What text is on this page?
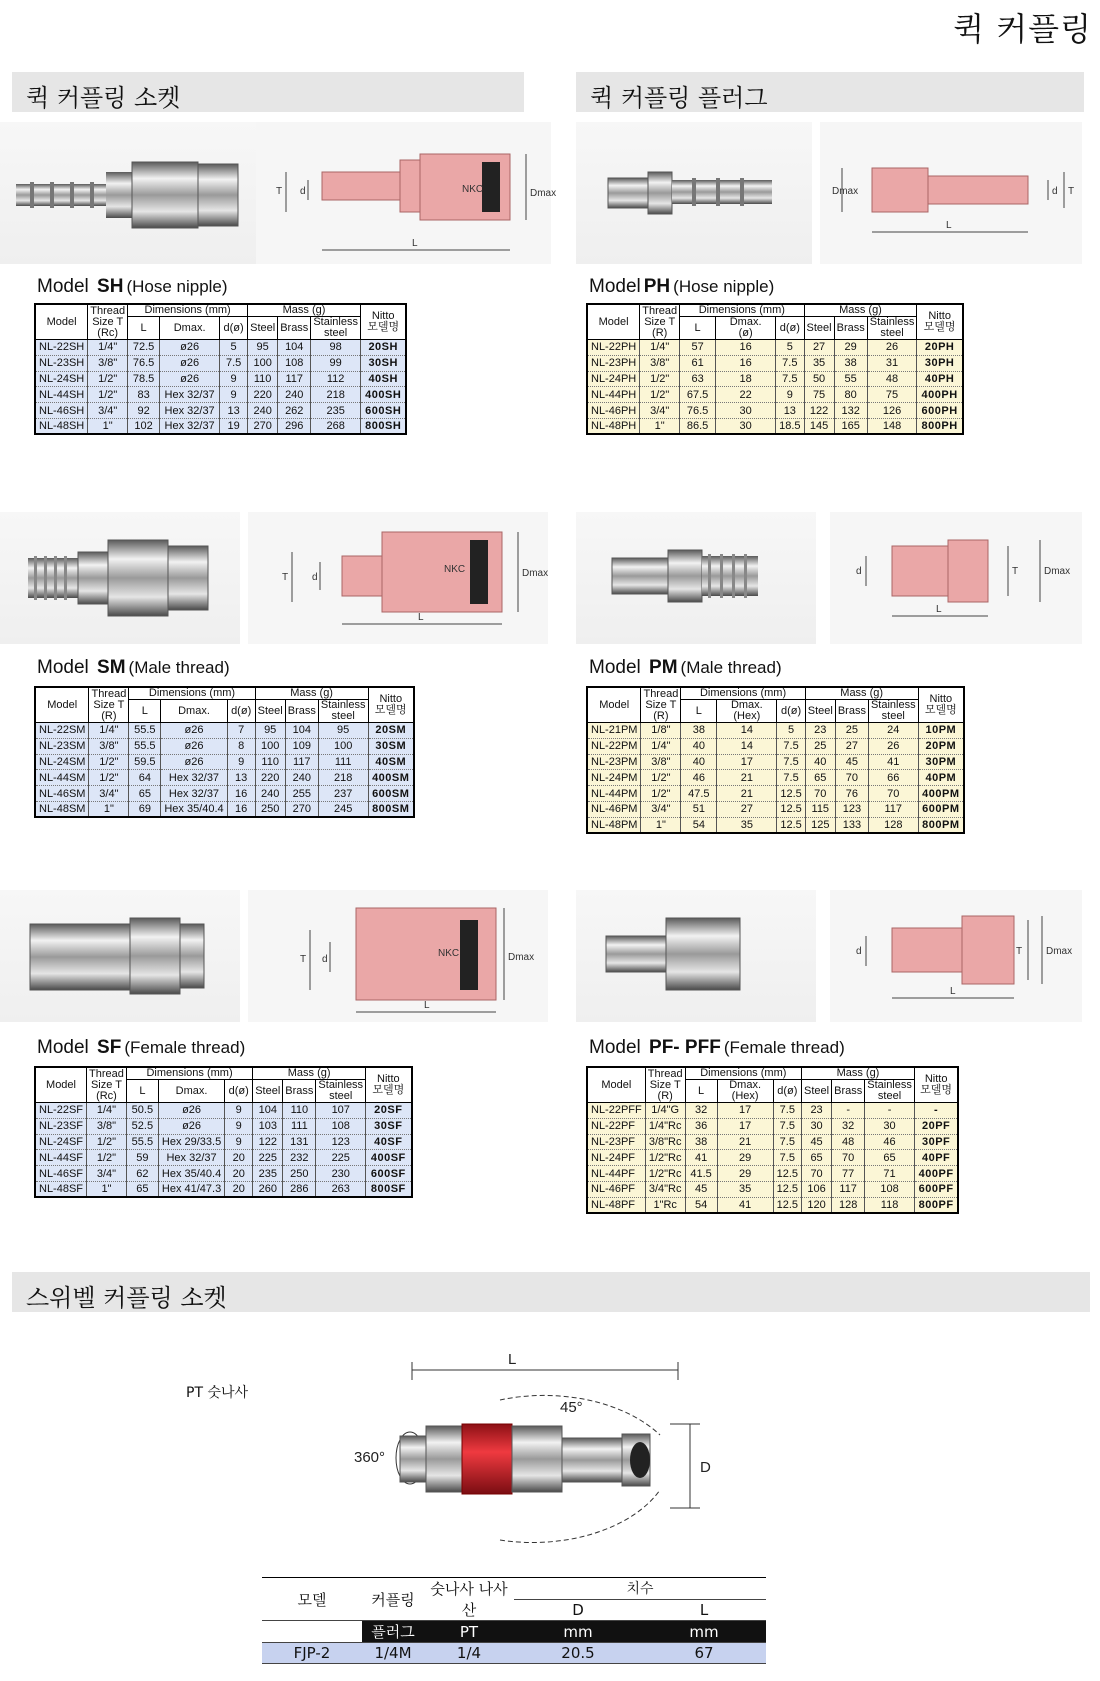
퀵 커플링
퀵 커플링 소켓	퀵 커플링 플러그
스위벨 커플링 소켓
L
T d	Dmax
NKC
Model SH (Hose nipple)
Model	Thread
Size T
(Rc)	Dimensions (mm)			Mass (g)			Nitto
모델명
		L	Dmax.	d(ø)	Steel	Brass	Stainless
steel	
NL-22SH	1/4"	72.5	ø26	5	95	104	98	20SH
NL-23SH	3/8"	76.5	ø26	7.5	100	108	99	30SH
NL-24SH	1/2"	78.5	ø26	9	110	117	112	40SH
NL-44SH	1/2"	83	Hex 32/37	9	220	240	218	400SH
NL-46SH	3/4"	92	Hex 32/37	13	240	262	235	600SH
NL-48SH	1"	102	Hex 32/37	19	270	296	268	800SH
L
Dmax	d T
Model PH (Hose nipple)
Model	Thread
Size T
(R)	Dimensions (mm)			Mass (g)			Nitto
모델명
		L	Dmax.
(ø)	d(ø)	Steel	Brass	Stainless
steel	
NL-22PH	1/4"	57	16	5	27	29	26	20PH
NL-23PH	3/8"	61	16	7.5	35	38	31	30PH
NL-24PH	1/2"	63	18	7.5	50	55	48	40PH
NL-44PH	1/2"	67.5	22	9	75	80	75	400PH
NL-46PH	3/4"	76.5	30	13	122	132	126	600PH
NL-48PH	1"	86.5	30	18.5	145	165	148	800PH
L
T d	Dmax
NKC
Model SM (Male thread)
Model	Thread
Size T
(R)	Dimensions (mm)			Mass (g)			Nitto
모델명
		L	Dmax.	d(ø)	Steel	Brass	Stainless
steel	
NL-22SM	1/4"	55.5	ø26	7	95	104	95	20SM
NL-23SM	3/8"	55.5	ø26	8	100	109	100	30SM
NL-24SM	1/2"	59.5	ø26	9	110	117	111	40SM
NL-44SM	1/2"	64	Hex 32/37	13	220	240	218	400SM
NL-46SM	3/4"	65	Hex 32/37	16	240	255	237	600SM
NL-48SM	1"	69	Hex 35/40.4	16	250	270	245	800SM
L
d	T	Dmax
Model PM (Male thread)
Model	Thread
Size T
(R)	Dimensions (mm)			Mass (g)			Nitto
모델명
		L	Dmax.
(Hex)	d(ø)	Steel	Brass	Stainless
steel	
NL-21PM	1/8"	38	14	5	23	25	24	10PM
NL-22PM	1/4"	40	14	7.5	25	27	26	20PM
NL-23PM	3/8"	40	17	7.5	40	45	41	30PM
NL-24PM	1/2"	46	21	7.5	65	70	66	40PM
NL-44PM	1/2"	47.5	21	12.5	70	76	70	400PM
NL-46PM	3/4"	51	27	12.5	115	123	117	600PM
NL-48PM	1"	54	35	12.5	125	133	128	800PM
L
T d	Dmax
NKC
Model SF (Female thread)
Model	Thread
Size T
(Rc)	Dimensions (mm)			Mass (g)			Nitto
모델명
		L	Dmax.	d(ø)	Steel	Brass	Stainless
steel	
NL-22SF	1/4"	50.5	ø26	9	104	110	107	20SF
NL-23SF	3/8"	52.5	ø26	9	103	111	108	30SF
NL-24SF	1/2"	55.5	Hex 29/33.5	9	122	131	123	40SF
NL-44SF	1/2"	59	Hex 32/37	20	225	232	225	400SF
NL-46SF	3/4"	62	Hex 35/40.4	20	235	250	230	600SF
NL-48SF	1"	65	Hex 41/47.3	20	260	286	263	800SF
L
d	T Dmax
Model PF- PFF (Female thread)
Model	Thread
Size T
(R)	Dimensions (mm)			Mass (g)			Nitto
모델명
		L	Dmax.
(Hex)	d(ø)	Steel	Brass	Stainless
steel	
NL-22PFF	1/4"G	32	17	7.5	23	-	-	-
NL-22PF	1/4"Rc	36	17	7.5	30	32	30	20PF
NL-23PF	3/8"Rc	38	21	7.5	45	48	46	30PF
NL-24PF	1/2"Rc	41	29	7.5	65	70	65	40PF
NL-44PF	1/2"Rc	41.5	29	12.5	70	77	71	400PF
NL-46PF	3/4"Rc	45	35	12.5	106	117	108	600PF
NL-48PF	1"Rc	54	41	12.5	120	128	118	800PF
PT 숫나사
L
45°
360°
D
모델	커플링	숫나사 나사산	치수	
			D	L
	플러그	PT	mm	mm
FJP-2	1/4M	1/4	20.5	67
